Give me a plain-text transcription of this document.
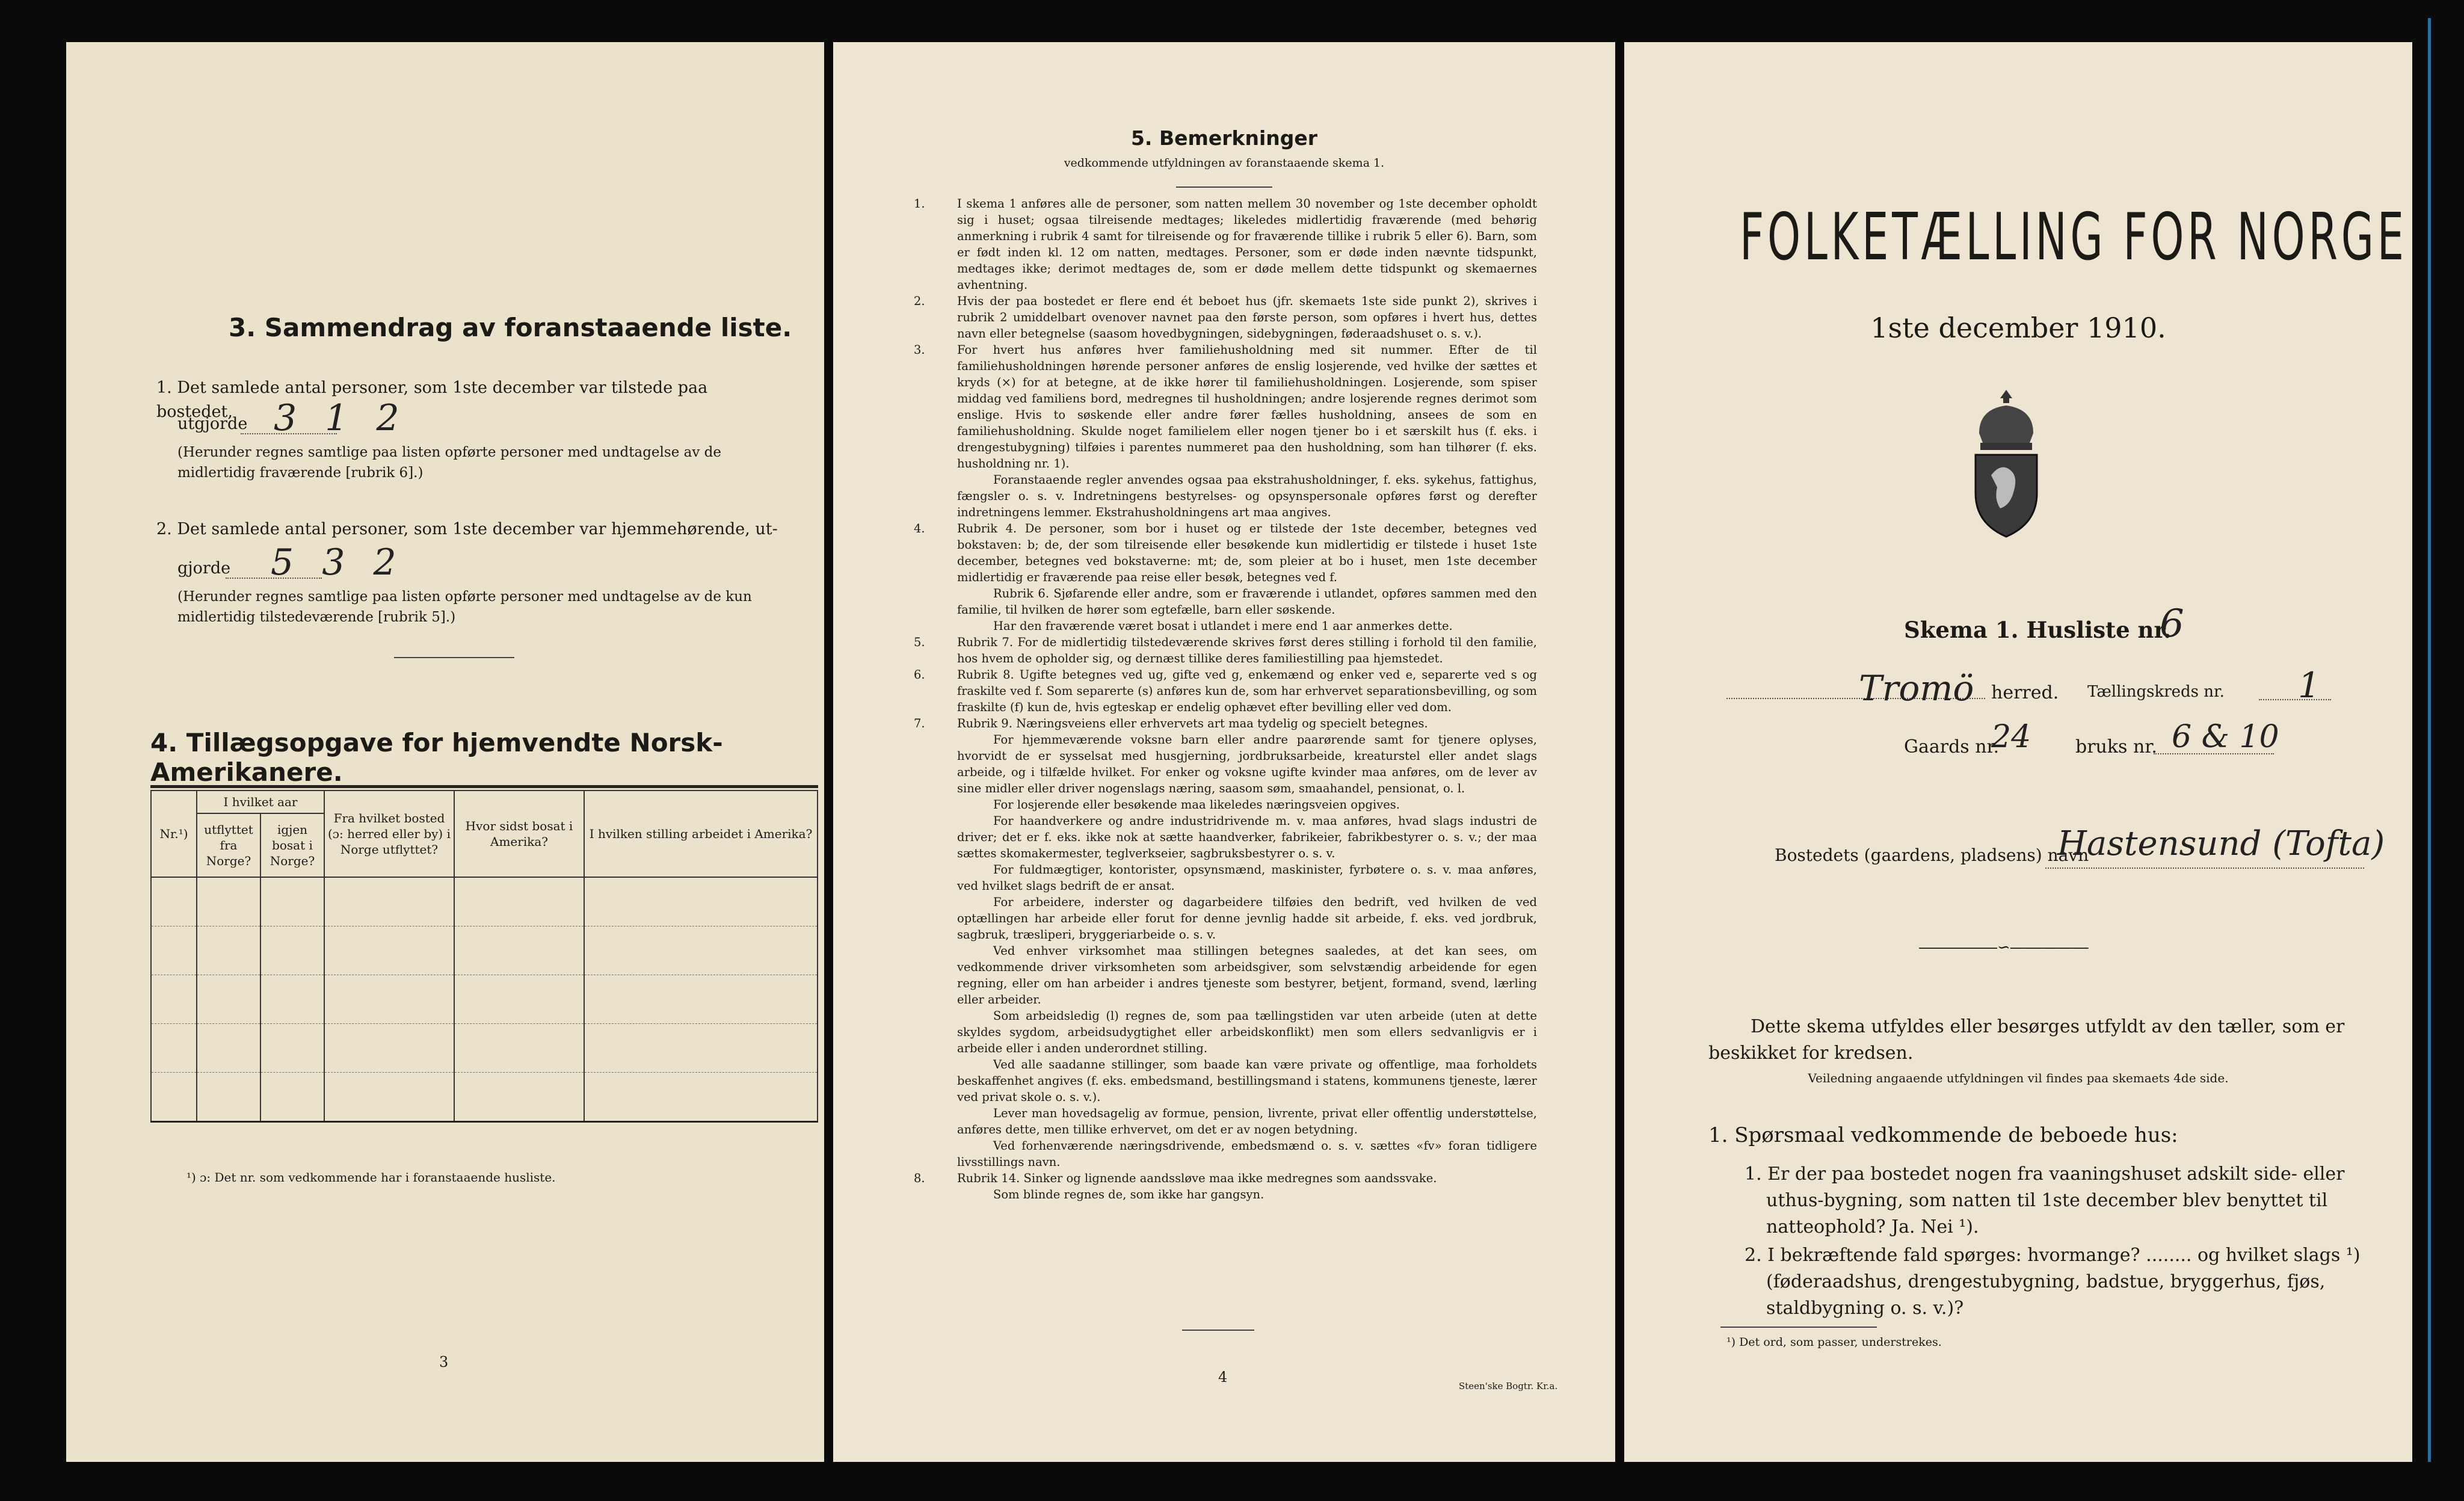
3. Sammendrag av foranstaaende liste.
1. Det samlede antal personer, som 1ste december var tilstede paa bostedet,
utgjorde 3 1 2
(Herunder regnes samtlige paa listen opførte personer med undtagelse av de midlertidig fraværende [rubrik 6].)
2. Det samlede antal personer, som 1ste december var hjemmehørende, ut-
gjorde 5 3 2
(Herunder regnes samtlige paa listen opførte personer med undtagelse av de kun midlertidig tilstedeværende [rubrik 5].)
4. Tillægsopgave for hjemvendte Norsk-Amerikanere.
Nr.¹)	I hvilket aar		Fra hvilket bosted (ɔ: herred eller by) i Norge utflyttet?	Hvor sidst bosat i Amerika?	I hvilken stilling arbeidet i Amerika?
	utflyttet fra Norge?	igjen bosat i Norge?			

¹) ɔ: Det nr. som vedkommende har i foranstaaende husliste.
3
5. Bemerkninger
vedkommende utfyldningen av foranstaaende skema 1.

1.	I skema 1 anføres alle de personer, som natten mellem 30 november og 1ste december opholdt sig i huset; ogsaa tilreisende medtages; likeledes midlertidig fraværende (med behørig anmerkning i rubrik 4 samt for tilreisende og for fraværende tillike i rubrik 5 eller 6). Barn, som er født inden kl. 12 om natten, medtages. Personer, som er døde inden nævnte tidspunkt, medtages ikke; derimot medtages de, som er døde mellem dette tidspunkt og skemaernes avhentning.

2.	Hvis der paa bostedet er flere end ét beboet hus (jfr. skemaets 1ste side punkt 2), skrives i rubrik 2 umiddelbart ovenover navnet paa den første person, som opføres i hvert hus, dettes navn eller betegnelse (saasom hovedbygningen, sidebygningen, føderaadshuset o. s. v.).

3.	For hvert hus anføres hver familiehusholdning med sit nummer. Efter de til familiehusholdningen hørende personer anføres de enslig losjerende, ved hvilke der sættes et kryds (×) for at betegne, at de ikke hører til familiehusholdningen. Losjerende, som spiser middag ved familiens bord, medregnes til husholdningen; andre losjerende regnes derimot som enslige. Hvis to søskende eller andre fører fælles husholdning, ansees de som en familiehusholdning. Skulde noget familielem eller nogen tjener bo i et særskilt hus (f. eks. i drengestubygning) tilføies i parentes nummeret paa den husholdning, som han tilhører (f. eks. husholdning nr. 1).

Foranstaaende regler anvendes ogsaa paa ekstrahusholdninger, f. eks. sykehus, fattighus, fængsler o. s. v. Indretningens bestyrelses- og opsynspersonale opføres først og derefter indretningens lemmer. Ekstrahusholdningens art maa angives.

4.	Rubrik 4. De personer, som bor i huset og er tilstede der 1ste december, betegnes ved bokstaven: b; de, der som tilreisende eller besøkende kun midlertidig er tilstede i huset 1ste december, betegnes ved bokstaverne: mt; de, som pleier at bo i huset, men 1ste december midlertidig er fraværende paa reise eller besøk, betegnes ved f.

Rubrik 6. Sjøfarende eller andre, som er fraværende i utlandet, opføres sammen med den familie, til hvilken de hører som egtefælle, barn eller søskende.

Har den fraværende været bosat i utlandet i mere end 1 aar anmerkes dette.

5.	Rubrik 7. For de midlertidig tilstedeværende skrives først deres stilling i forhold til den familie, hos hvem de opholder sig, og dernæst tillike deres familiestilling paa hjemstedet.

6.	Rubrik 8. Ugifte betegnes ved ug, gifte ved g, enkemænd og enker ved e, separerte ved s og fraskilte ved f. Som separerte (s) anføres kun de, som har erhvervet separationsbevilling, og som fraskilte (f) kun de, hvis egteskap er endelig ophævet efter bevilling eller ved dom.

7.	Rubrik 9. Næringsveiens eller erhvervets art maa tydelig og specielt betegnes.

For hjemmeværende voksne barn eller andre paarørende samt for tjenere oplyses, hvorvidt de er sysselsat med husgjerning, jordbruksarbeide, kreaturstel eller andet slags arbeide, og i tilfælde hvilket. For enker og voksne ugifte kvinder maa anføres, om de lever av sine midler eller driver nogenslags næring, saasom søm, smaahandel, pensionat, o. l.

For losjerende eller besøkende maa likeledes næringsveien opgives.

For haandverkere og andre industridrivende m. v. maa anføres, hvad slags industri de driver; det er f. eks. ikke nok at sætte haandverker, fabrikeier, fabrikbestyrer o. s. v.; der maa sættes skomakermester, teglverkseier, sagbruksbestyrer o. s. v.

For fuldmægtiger, kontorister, opsynsmænd, maskinister, fyrbøtere o. s. v. maa anføres, ved hvilket slags bedrift de er ansat.

For arbeidere, inderster og dagarbeidere tilføies den bedrift, ved hvilken de ved optællingen har arbeide eller forut for denne jevnlig hadde sit arbeide, f. eks. ved jordbruk, sagbruk, træsliperi, bryggeriarbeide o. s. v.

Ved enhver virksomhet maa stillingen betegnes saaledes, at det kan sees, om vedkommende driver virksomheten som arbeidsgiver, som selvstændig arbeidende for egen regning, eller om han arbeider i andres tjeneste som bestyrer, betjent, formand, svend, lærling eller arbeider.

Som arbeidsledig (l) regnes de, som paa tællingstiden var uten arbeide (uten at dette skyldes sygdom, arbeidsudygtighet eller arbeidskonflikt) men som ellers sedvanligvis er i arbeide eller i anden underordnet stilling.

Ved alle saadanne stillinger, som baade kan være private og offentlige, maa forholdets beskaffenhet angives (f. eks. embedsmand, bestillingsmand i statens, kommunens tjeneste, lærer ved privat skole o. s. v.).

Lever man hovedsagelig av formue, pension, livrente, privat eller offentlig understøttelse, anføres dette, men tillike erhvervet, om det er av nogen betydning.

Ved forhenværende næringsdrivende, embedsmænd o. s. v. sættes «fv» foran tidligere livsstillings navn.

8.	Rubrik 14. Sinker og lignende aandssløve maa ikke medregnes som aandssvake.

Som blinde regnes de, som ikke har gangsyn.

4
Steen'ske Bogtr. Kr.a.
FOLKETÆLLING FOR NORGE
1ste december 1910.
Skema 1. Husliste nr.
6
Tromö herred. Tællingskreds nr. 1
Gaards nr.
24 bruks nr. 6 & 10
Bostedets (gaardens, pladsens) navn
Hastensund (Tofta)
―――――∽―――――
Dette skema utfyldes eller besørges utfyldt av den tæller, som er beskikket for kredsen.
Veiledning angaaende utfyldningen vil findes paa skemaets 4de side.
1. Spørsmaal vedkommende de beboede hus:
1. Er der paa bostedet nogen fra vaaningshuset adskilt side- eller uthus-bygning, som natten til 1ste december blev benyttet til natteophold? Ja. Nei ¹).
2. I bekræftende fald spørges: hvormange? ........ og hvilket slags ¹) (føderaadshus, drengestubygning, badstue, bryggerhus, fjøs, staldbygning o. s. v.)?
¹) Det ord, som passer, understrekes.
